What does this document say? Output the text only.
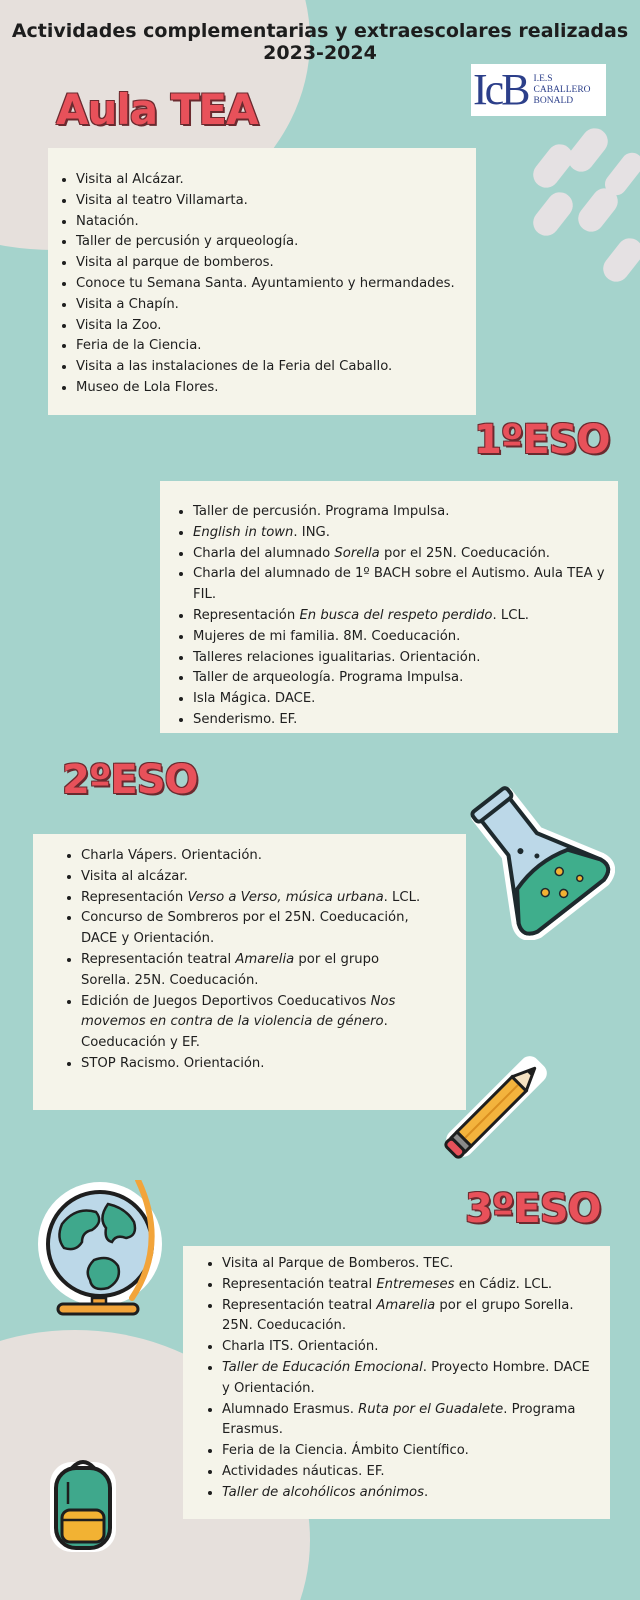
Actividades complementarias y extraescolares realizadas
2023-2024
IcB I.E.S
CABALLERO
BONALD
Aula TEA
• Visita al Alcázar.
• Visita al teatro Villamarta.
• Natación.
• Taller de percusión y arqueología.
• Visita al parque de bomberos.
• Conoce tu Semana Santa. Ayuntamiento y hermandades.
• Visita a Chapín.
• Visita la Zoo.
• Feria de la Ciencia.
• Visita a las instalaciones de la Feria del Caballo.
• Museo de Lola Flores.
1ºESO
• Taller de percusión. Programa Impulsa.
• English in town. ING.
• Charla del alumnado Sorella por el 25N. Coeducación.
• Charla del alumnado de 1º BACH sobre el Autismo. Aula TEA y FIL.
• Representación En busca del respeto perdido. LCL.
• Mujeres de mi familia. 8M. Coeducación.
• Talleres relaciones igualitarias. Orientación.
• Taller de arqueología. Programa Impulsa.
• Isla Mágica. DACE.
• Senderismo. EF.
2ºESO
• Charla Vápers. Orientación.
• Visita al alcázar.
• Representación Verso a Verso, música urbana. LCL.
• Concurso de Sombreros por el 25N. Coeducación, DACE y Orientación.
• Representación teatral Amarelia por el grupo Sorella. 25N. Coeducación.
• Edición de Juegos Deportivos Coeducativos Nos movemos en contra de la violencia de género. Coeducación y EF.
• STOP Racismo. Orientación.
3ºESO
• Visita al Parque de Bomberos. TEC.
• Representación teatral Entremeses en Cádiz. LCL.
• Representación teatral Amarelia por el grupo Sorella. 25N. Coeducación.
• Charla ITS. Orientación.
• Taller de Educación Emocional. Proyecto Hombre. DACE y Orientación.
• Alumnado Erasmus. Ruta por el Guadalete. Programa Erasmus.
• Feria de la Ciencia. Ámbito Científico.
• Actividades náuticas. EF.
• Taller de alcohólicos anónimos.
